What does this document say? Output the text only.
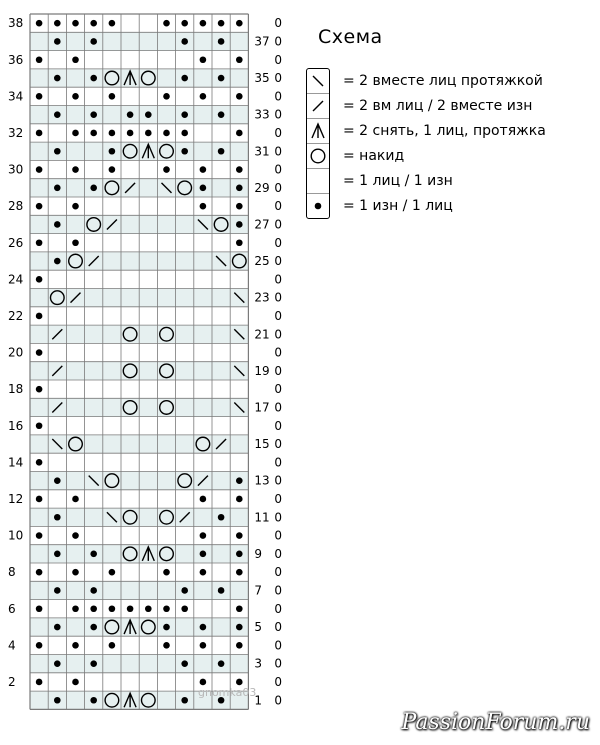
38
36
34
32
30
28
26
24
22
20
18
16
14
12
10
8
6
4
2
37
35
33
31
29
27
25
23
21
19
17
15
13
11
9
7
5
3
1 0
0
0
0
0
0
0
0
0
0
0
0
0
0
0
0
0
0
0
0
0
0
0
0
0
0
0
0
0
0
0
0
0
0
0
0
0
0
Схема
= 2 вместе лиц протяжкой
= 2 вм лиц / 2 вместе изн
= 2 снять, 1 лиц, протяжка
= накид
= 1 лиц / 1 изн
= 1 изн / 1 лиц
gnomka03
PassionForum.ru
